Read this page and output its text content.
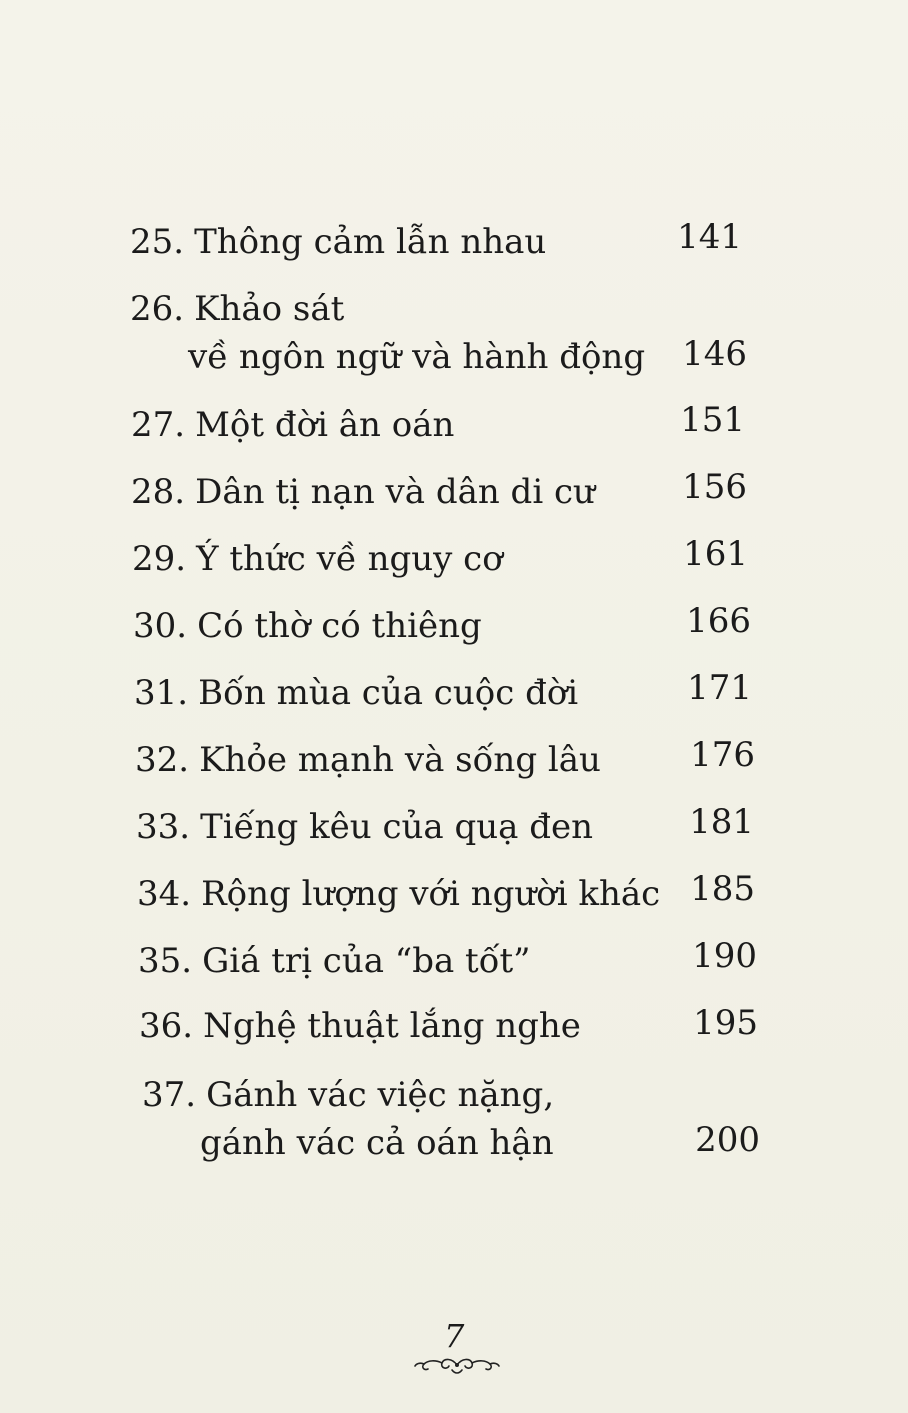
25. Thông cảm lẫn nhau	141
26. Khảo sát
về ngôn ngữ và hành động	146
27. Một đời ân oán	151
28. Dân tị nạn và dân di cư	156
29. Ý thức về nguy cơ	161
30. Có thờ có thiêng	166
31. Bốn mùa của cuộc đời	171
32. Khỏe mạnh và sống lâu	176
33. Tiếng kêu của quạ đen	181
34. Rộng lượng với người khác 185
35. Giá trị của “ba tốt”	190
36. Nghệ thuật lắng nghe	195
37. Gánh vác việc nặng,
gánh vác cả oán hận	200
7
